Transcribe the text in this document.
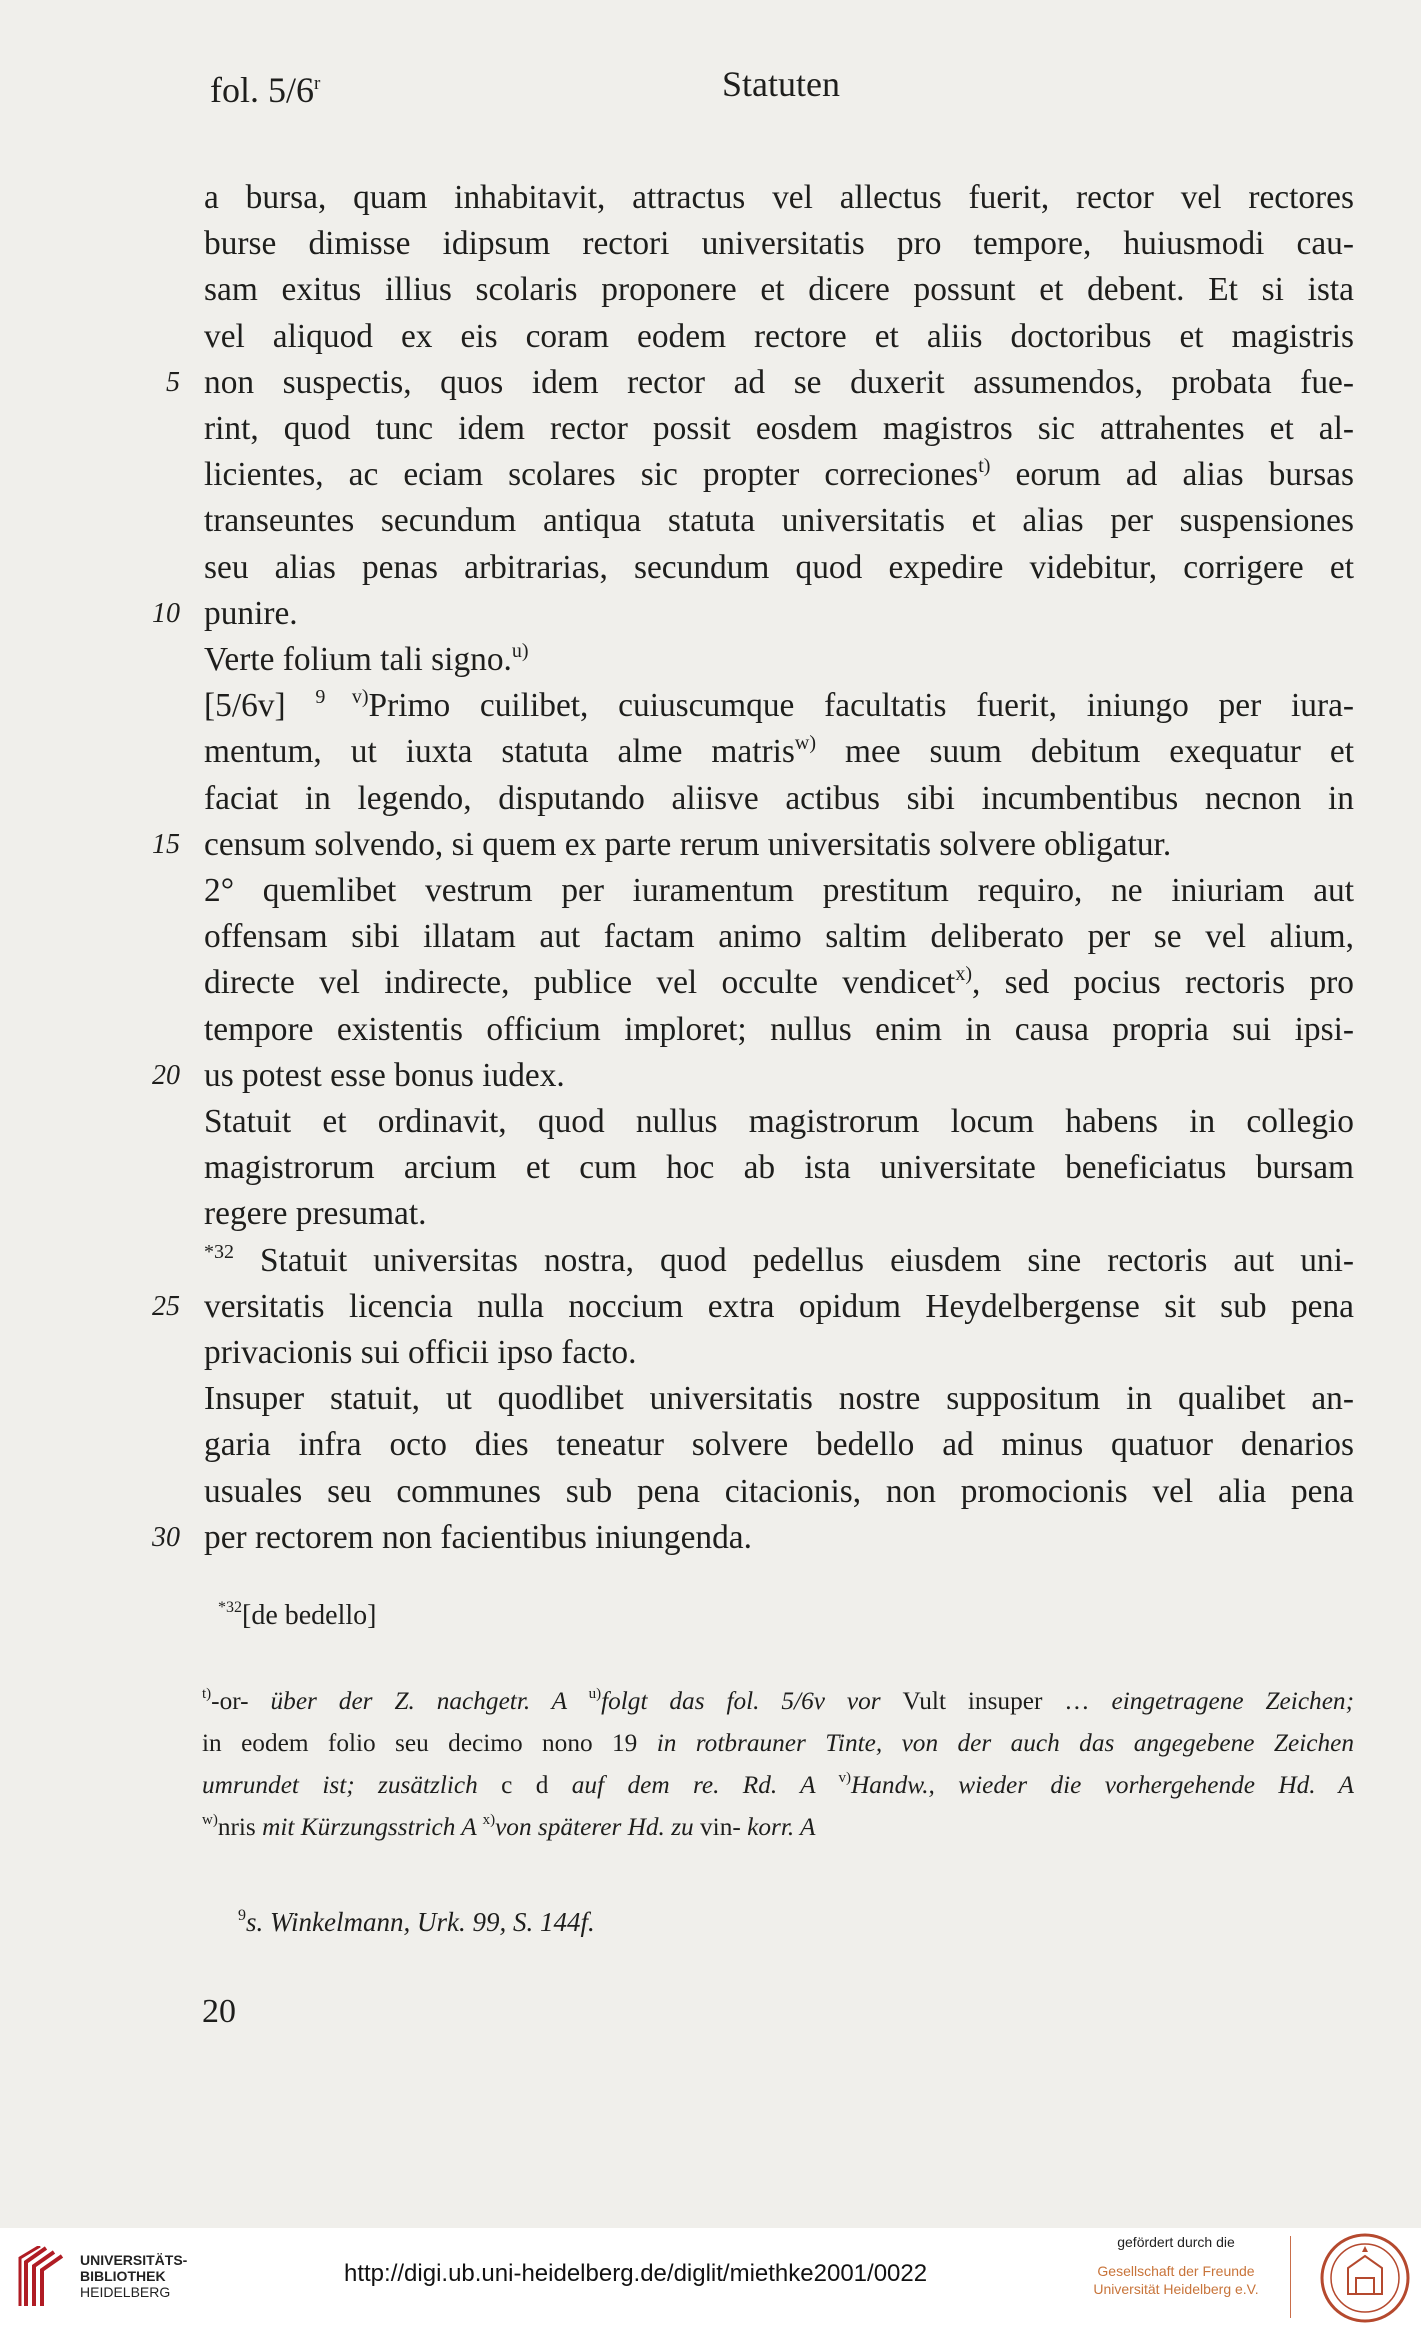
fol. 5/6$^r$	Statuten
a bursa, quam inhabitavit, attractus vel allectus fuerit, rector vel rectores
burse dimisse idipsum rectori universitatis pro tempore, huiusmodi cau-
sam exitus illius scolaris proponere et dicere possunt et debent. Et si ista
vel aliquod ex eis coram eodem rectore et aliis doctoribus et magistris
5 non suspectis, quos idem rector ad se duxerit assumendos, probata fue-
rint, quod tunc idem rector possit eosdem magistros sic attrahentes et al-
licientes, ac eciam scolares sic propter correciones$^{t)}$ eorum ad alias bursas
transeuntes secundum antiqua statuta universitatis et alias per suspensiones
seu alias penas arbitrarias, secundum quod expedire videbitur, corrigere et
10 punire.
Verte folium tali signo.$^{u)}$
[5/6v] $^{9 v)}$Primo cuilibet, cuiuscumque facultatis fuerit, iniungo per iura-
mentum, ut iuxta statuta alme matris$^{w)}$ mee suum debitum exequatur et
faciat in legendo, disputando aliisve actibus sibi incumbentibus necnon in
15 censum solvendo, si quem ex parte rerum universitatis solvere obligatur.
2° quemlibet vestrum per iuramentum prestitum requiro, ne iniuriam aut
offensam sibi illatam aut factam animo saltim deliberato per se vel alium,
directe vel indirecte, publice vel occulte vendicet$^{x)}$, sed pocius rectoris pro
tempore existentis officium imploret; nullus enim in causa propria sui ipsi-
20 us potest esse bonus iudex.
Statuit et ordinavit, quod nullus magistrorum locum habens in collegio
magistrorum arcium et cum hoc ab ista universitate beneficiatus bursam
regere presumat.
$^{*32}$ Statuit universitas nostra, quod pedellus eiusdem sine rectoris aut uni-
25 versitatis licencia nulla noccium extra opidum Heydelbergense sit sub pena
privacionis sui officii ipso facto.
Insuper statuit, ut quodlibet universitatis nostre suppositum in qualibet an-
garia infra octo dies teneatur solvere bedello ad minus quatuor denarios
usuales seu communes sub pena citacionis, non promocionis vel alia pena
30 per rectorem non facientibus iniungenda.
$^{*32}$[de bedello]
$^{t)}$-or- über der Z. nachgetr. A $^{u)}$folgt das fol. 5/6v vor Vult insuper … eingetragene Zeichen;
in eodem folio seu decimo nono 19 in rotbrauner Tinte, von der auch das angegebene Zeichen
umrundet ist; zusätzlich c d auf dem re. Rd. A $^{v)}$Handw., wieder die vorhergehende Hd. A
$^{w)}$nris mit Kürzungsstrich A $^{x)}$von späterer Hd. zu vin- korr. A
$^9$s. Winkelmann, Urk. 99, S. 144f.
20
UNIVERSITÄTS-
BIBLIOTHEK
HEIDELBERG
http://digi.ub.uni-heidelberg.de/diglit/miethke2001/0022
gefördert durch die
Gesellschaft der Freunde
Universität Heidelberg e.V.
